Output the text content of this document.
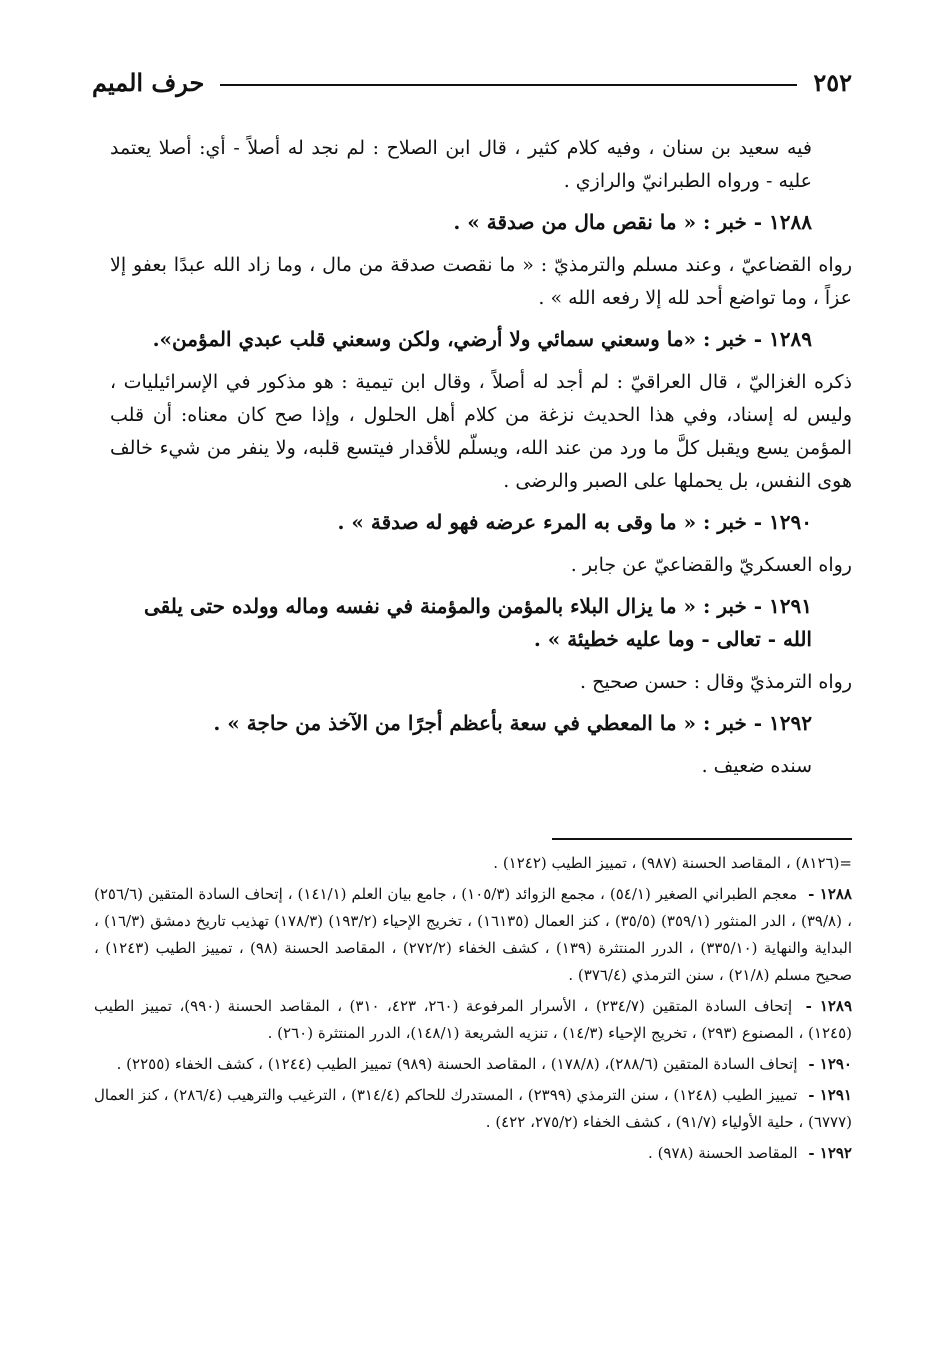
٢٥٢
حرف الميم

فيه سعيد بن سنان ، وفيه كلام كثير ، قال ابن الصلاح : لم نجد له أصلاً - أي: أصلا يعتمد عليه - ورواه الطبرانيّ والرازي .

١٢٨٨ - خبر : « ما نقص مال من صدقة » .

رواه القضاعيّ ، وعند مسلم والترمذيّ : « ما نقصت صدقة من مال ، وما زاد الله عبدًا بعفو إلا عزاً ، وما تواضع أحد لله إلا رفعه الله » .

١٢٨٩ - خبر : «ما وسعني سمائي ولا أرضي، ولكن وسعني قلب عبدي المؤمن».

ذكره الغزاليّ ، قال العراقيّ : لم أجد له أصلاً ، وقال ابن تيمية : هو مذكور في الإسرائيليات ، وليس له إسناد، وفي هذا الحديث نزغة من كلام أهل الحلول ، وإذا صح كان معناه: أن قلب المؤمن يسع ويقبل كلَّ ما ورد من عند الله، ويسلّم للأقدار فيتسع قلبه، ولا ينفر من شيء خالف هوى النفس، بل يحملها على الصبر والرضى .

١٢٩٠ - خبر : « ما وقى به المرء عرضه فهو له صدقة » .

رواه العسكريّ والقضاعيّ عن جابر .

١٢٩١ - خبر : « ما يزال البلاء بالمؤمن والمؤمنة في نفسه وماله وولده حتى يلقى الله - تعالى - وما عليه خطيئة » .

رواه الترمذيّ وقال : حسن صحيح .

١٢٩٢ - خبر : « ما المعطي في سعة بأعظم أجرًا من الآخذ من حاجة » .

سنده ضعيف .

=(٨١٢٦) ، المقاصد الحسنة (٩٨٧) ، تمييز الطيب (١٢٤٢) .

١٢٨٨ - معجم الطبراني الصغير (٥٤/١) ، مجمع الزوائد (١٠٥/٣) ، جامع بيان العلم (١٤١/١) ، إتحاف السادة المتقين (٢٥٦/٦) ، (٣٩/٨) ، الدر المنثور (٣٥٩/١) (٣٥/٥) ، كنز العمال (١٦١٣٥) ، تخريج الإحياء (١٩٣/٢) (١٧٨/٣) تهذيب تاريخ دمشق (١٦/٣) ، البداية والنهاية (٣٣٥/١٠) ، الدرر المنتثرة (١٣٩) ، كشف الخفاء (٢٧٢/٢) ، المقاصد الحسنة (٩٨) ، تمييز الطيب (١٢٤٣) ، صحيح مسلم (٢١/٨) ، سنن الترمذي (٣٧٦/٤) .

١٢٨٩ - إتحاف السادة المتقين (٢٣٤/٧) ، الأسرار المرفوعة (٢٦٠، ٤٢٣، ٣١٠) ، المقاصد الحسنة (٩٩٠)، تمييز الطيب (١٢٤٥) ، المصنوع (٢٩٣) ، تخريج الإحياء (١٤/٣) ، تنزيه الشريعة (١٤٨/١)، الدرر المنتثرة (٢٦٠) .

١٢٩٠ - إتحاف السادة المتقين (٢٨٨/٦)، (١٧٨/٨) ، المقاصد الحسنة (٩٨٩) تمييز الطيب (١٢٤٤) ، كشف الخفاء (٢٢٥٥) .

١٢٩١ - تمييز الطيب (١٢٤٨) ، سنن الترمذي (٢٣٩٩) ، المستدرك للحاكم (٣١٤/٤) ، الترغيب والترهيب (٢٨٦/٤) ، كنز العمال (٦٧٧٧) ، حلية الأولياء (٩١/٧) ، كشف الخفاء (٢٧٥/٢، ٤٢٢) .

١٢٩٢ - المقاصد الحسنة (٩٧٨) .
